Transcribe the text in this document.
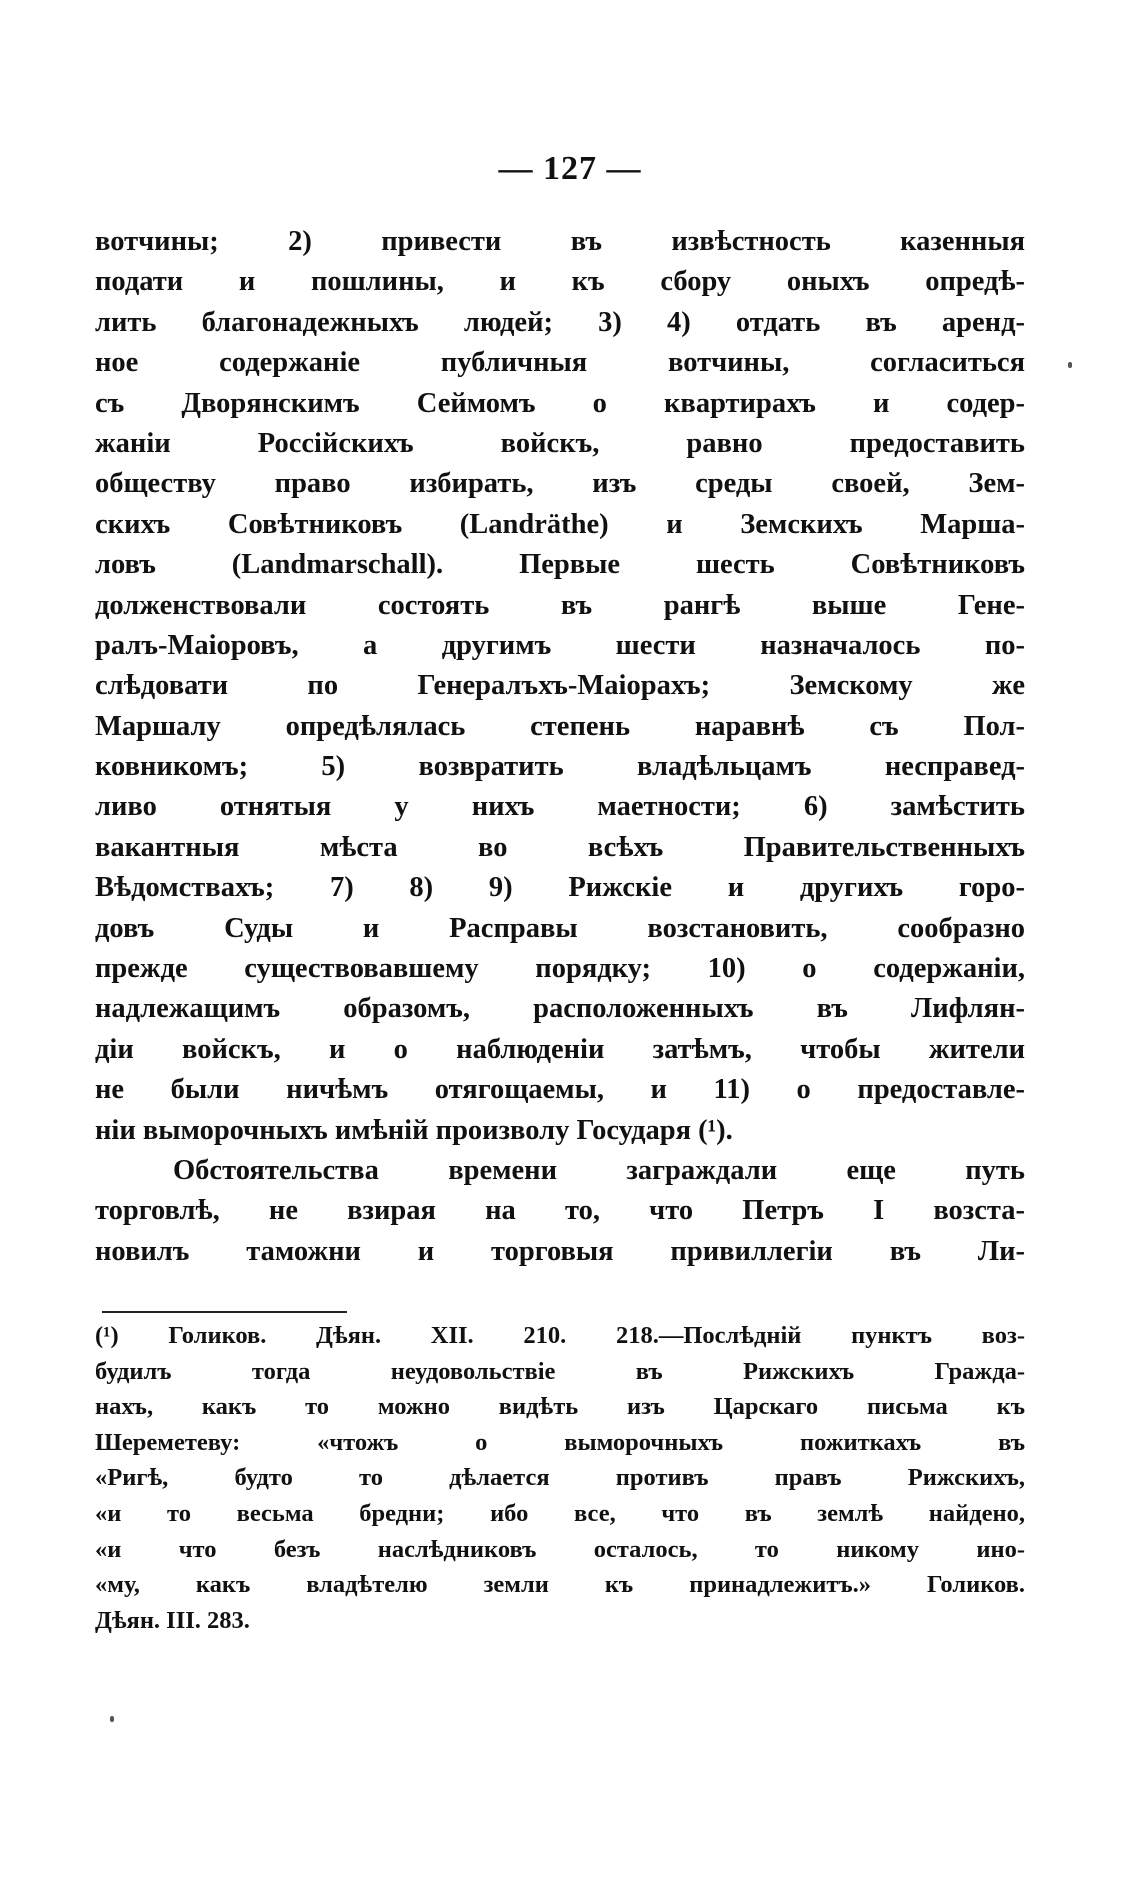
— 127 —
вотчины; 2) привести въ извѣстность казенныя
подати и пошлины, и къ сбору оныхъ опредѣ-
лить благонадежныхъ людей; 3) 4) отдать въ аренд-
ное содержаніе публичныя вотчины, согласиться
съ Дворянскимъ Сеймомъ о квартирахъ и содер-
жаніи Россійскихъ войскъ, равно предоставить
обществу право избирать, изъ среды своей, Зем-
скихъ Совѣтниковъ (Landräthe) и Земскихъ Марша-
ловъ (Landmarschall). Первые шесть Совѣтниковъ
долженствовали состоять въ рангѣ выше Гене-
ралъ-Маіоровъ, а другимъ шести назначалось по-
слѣдовати по Генералъхъ-Маіорахъ; Земскому же
Маршалу опредѣлялась степень наравнѣ съ Пол-
ковникомъ; 5) возвратить владѣльцамъ несправед-
ливо отнятыя у нихъ маетности; 6) замѣстить
вакантныя мѣста во всѣхъ Правительственныхъ
Вѣдомствахъ; 7) 8) 9) Рижскіе и другихъ горо-
довъ Суды и Расправы возстановить, сообразно
прежде существовавшему порядку; 10) о содержаніи,
надлежащимъ образомъ, расположенныхъ въ Лифлян-
діи войскъ, и о наблюденіи затѣмъ, чтобы жители
не были ничѣмъ отягощаемы, и 11) о предоставле-
ніи выморочныхъ имѣній произволу Государя (¹).
Обстоятельства времени заграждали еще путь
торговлѣ, не взирая на то, что Петръ I возста-
новилъ таможни и торговыя привиллегіи въ Ли-
(¹) Голиков. Дѣян. XII. 210. 218.—Послѣдній пунктъ воз-
будилъ тогда неудовольствіе въ Рижскихъ Гражда-
нахъ, какъ то можно видѣть изъ Царскаго письма къ
Шереметеву: «чтожъ о выморочныхъ пожиткахъ въ
«Ригѣ, будто то дѣлается противъ правъ Рижскихъ,
«и то весьма бредни; ибо все, что въ землѣ найдено,
«и что безъ наслѣдниковъ осталось, то никому ино-
«му, какъ владѣтелю земли къ принадлежитъ.» Голиков.
Дѣян. III. 283.
